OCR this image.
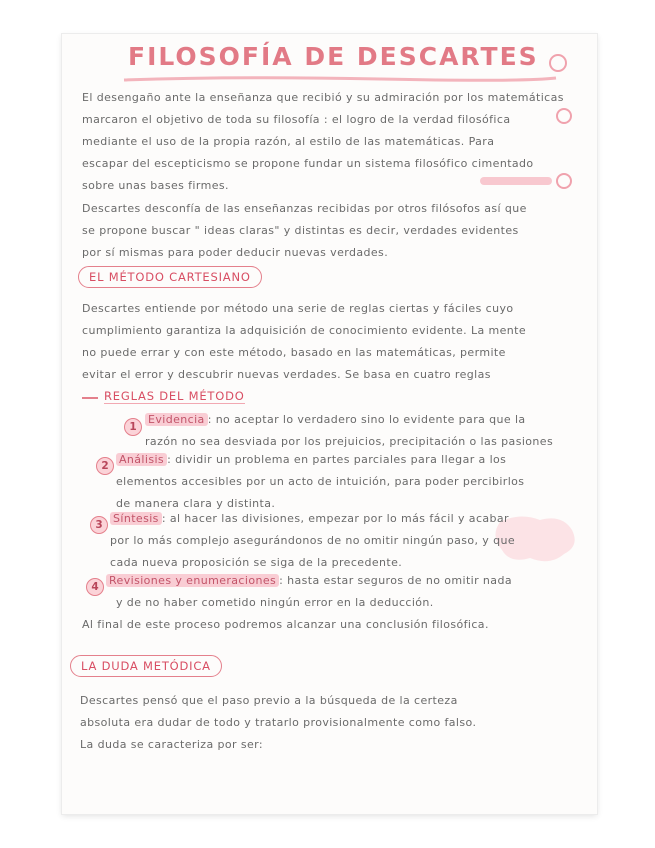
FILOSOFÍA DE DESCARTES
El desengaño ante la enseñanza que recibió y su admiración por los matemáticas
marcaron el objetivo de toda su filosofía : el logro de la verdad filosófica
mediante el uso de la propia razón, al estilo de las matemáticas. Para
escapar del escepticismo se propone fundar un sistema filosófico cimentado
sobre unas bases firmes.
Descartes desconfía de las enseñanzas recibidas por otros filósofos así que
se propone buscar " ideas claras" y distintas es decir, verdades evidentes
por sí mismas para poder deducir nuevas verdades.
EL MÉTODO CARTESIANO
Descartes entiende por método una serie de reglas ciertas y fáciles cuyo
cumplimiento garantiza la adquisición de conocimiento evidente. La mente
no puede errar y con este método, basado en las matemáticas, permite
evitar el error y descubrir nuevas verdades. Se basa en cuatro reglas
REGLAS DEL MÉTODO
1
Evidencia : no aceptar lo verdadero sino lo evidente para que la
razón no sea desviada por los prejuicios, precipitación o las pasiones
2 Análisis : dividir un problema en partes parciales para llegar a los
elementos accesibles por un acto de intuición, para poder percibirlos
de manera clara y distinta.
3 Síntesis : al hacer las divisiones, empezar por lo más fácil y acabar
por lo más complejo asegurándonos de no omitir ningún paso, y que
cada nueva proposición se siga de la precedente.
4 Revisiones y enumeraciones : hasta estar seguros de no omitir nada
y de no haber cometido ningún error en la deducción.
Al final de este proceso podremos alcanzar una conclusión filosófica.
LA DUDA METÓDICA
Descartes pensó que el paso previo a la búsqueda de la certeza
absoluta era dudar de todo y tratarlo provisionalmente como falso.
La duda se caracteriza por ser:
